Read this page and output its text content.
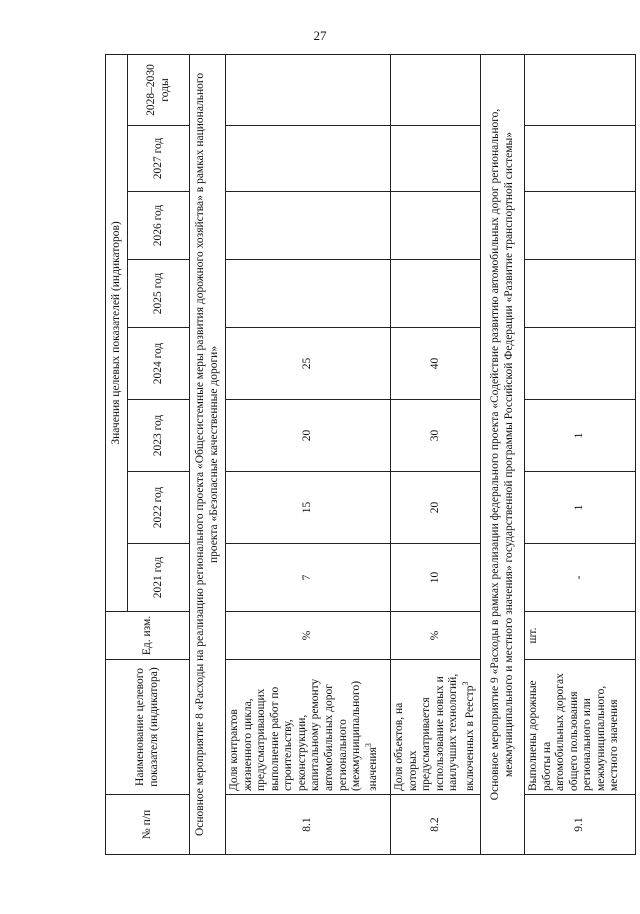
27
№ п/п	Наименование целевого показателя (индикатора)	Ед. изм.	Значения целевых показателей (индикаторов)							
			2021 год	2022 год	2023 год	2024 год	2025 год	2026 год	2027 год	2028–2030 годы
Основное мероприятие 8 «Расходы на реализацию регионального проекта «Общесистемные меры развития дорожного хозяйства» в рамках национального проекта «Безопасные качественные дороги»										
8.1	Доля контрактов жизненного цикла, предусматривающих выполнение работ по строительству, реконструкции, капитальному ремонту автомобильных дорог регионального (межмуниципального) значения$^3$	%	7	15	20	25				
8.2	Доля объектов, на которых предусматривается использование новых и наилучших технологий, включенных в Реестр$^3$	%	10	20	30	40				
Основное мероприятие 9 «Расходы в рамках реализации федерального проекта «Содействие развитию автомобильных дорог регионального, межмуниципального и местного значения» государственной программы Российской Федерации «Развитие транспортной системы»										
9.1	Выполнены дорожные работы на автомобильных дорогах общего пользования регионального или межмуниципального, местного значения	шт.	-	1	1					
